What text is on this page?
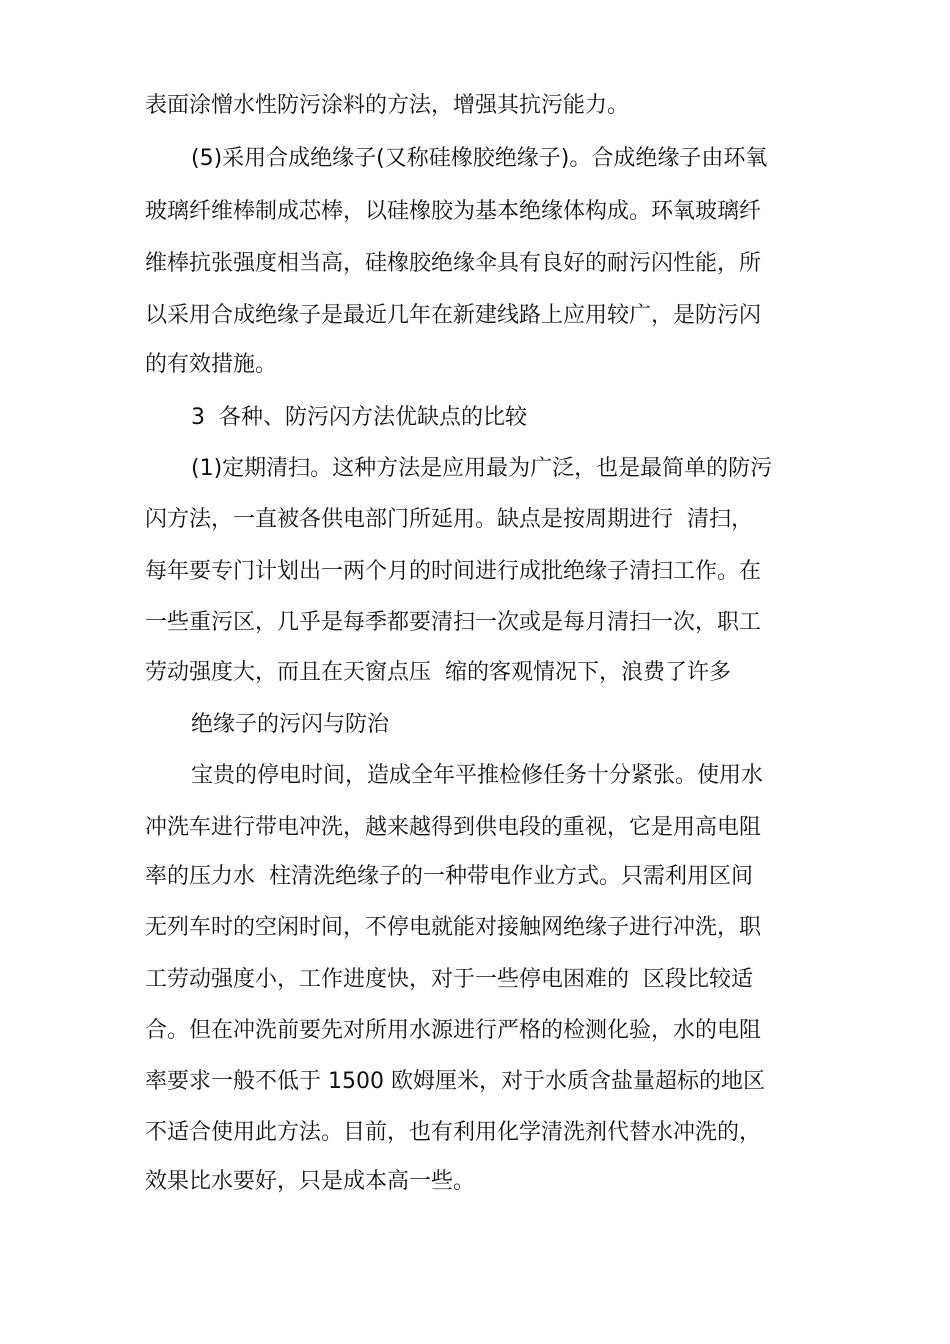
表面涂憎水性防污涂料的方法，增强其抗污能力。

(5)采用合成绝缘子(又称硅橡胶绝缘子)。合成绝缘子由环氧

玻璃纤维棒制成芯棒，以硅橡胶为基本绝缘体构成。环氧玻璃纤

维棒抗张强度相当高，硅橡胶绝缘伞具有良好的耐污闪性能，所

以采用合成绝缘子是最近几年在新建线路上应用较广，是防污闪

的有效措施。

3  各种、防污闪方法优缺点的比较

(1)定期清扫。这种方法是应用最为广泛，也是最简单的防污

闪方法，一直被各供电部门所延用。缺点是按周期进行  清扫，

每年要专门计划出一两个月的时间进行成批绝缘子清扫工作。在

一些重污区，几乎是每季都要清扫一次或是每月清扫一次，职工

劳动强度大，而且在天窗点压  缩的客观情况下，浪费了许多

绝缘子的污闪与防治

宝贵的停电时间，造成全年平推检修任务十分紧张。使用水

冲洗车进行带电冲洗，越来越得到供电段的重视，它是用高电阻

率的压力水  柱清洗绝缘子的一种带电作业方式。只需利用区间

无列车时的空闲时间，不停电就能对接触网绝缘子进行冲洗，职

工劳动强度小，工作进度快，对于一些停电困难的  区段比较适

合。但在冲洗前要先对所用水源进行严格的检测化验，水的电阻

率要求一般不低于 1500 欧姆厘米，对于水质含盐量超标的地区

不适合使用此方法。目前，也有利用化学清洗剂代替水冲洗的，

效果比水要好，只是成本高一些。
